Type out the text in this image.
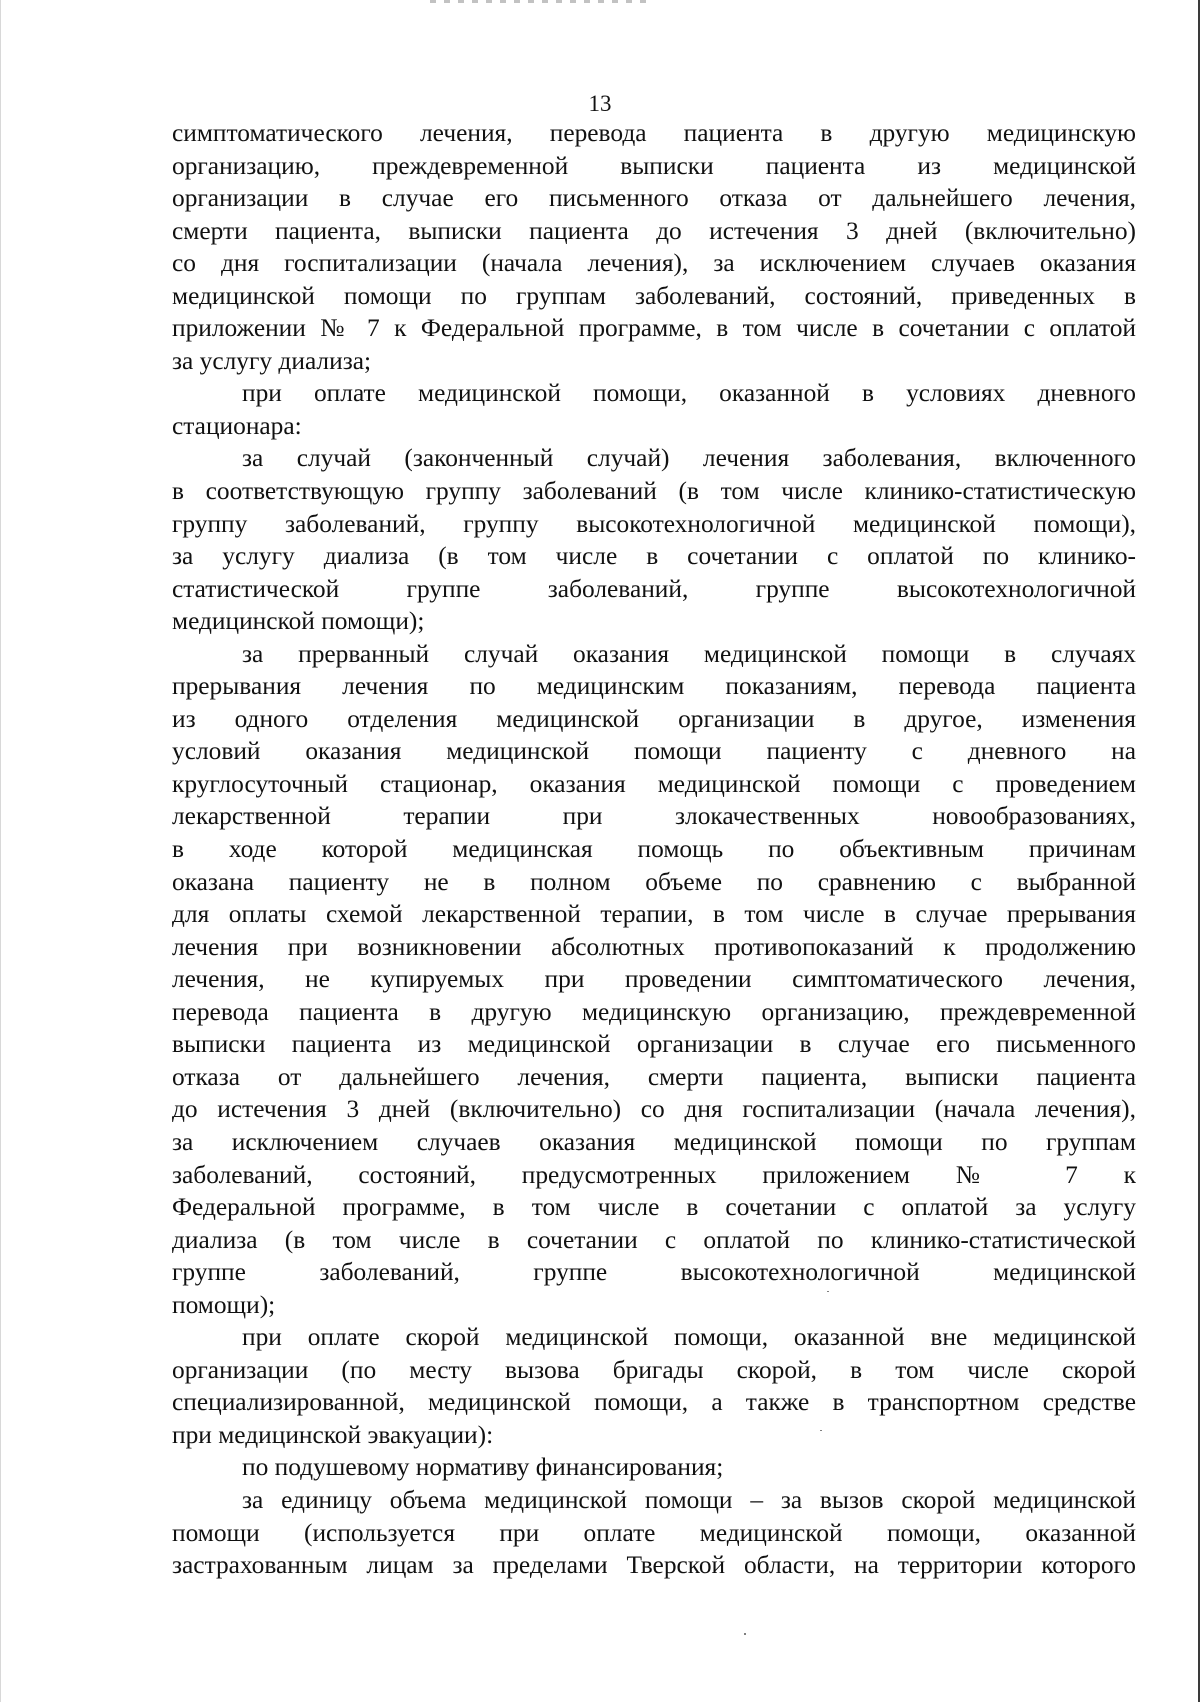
13

симптоматического лечения, перевода пациента в другую медицинскую

организацию, преждевременной выписки пациента из медицинской

организации в случае его письменного отказа от дальнейшего лечения,

смерти пациента, выписки пациента до истечения 3 дней (включительно)

со дня госпитализации (начала лечения), за исключением случаев оказания

медицинской помощи по группам заболеваний, состояний, приведенных в

приложении № 7 к Федеральной программе, в том числе в сочетании с оплатой

за услугу диализа;

при оплате медицинской помощи, оказанной в условиях дневного

стационара:

за случай (законченный случай) лечения заболевания, включенного

в соответствующую группу заболеваний (в том числе клинико-статистическую

группу заболеваний, группу высокотехнологичной медицинской помощи),

за услугу диализа (в том числе в сочетании с оплатой по клинико-

статистической группе заболеваний, группе высокотехнологичной

медицинской помощи);

за прерванный случай оказания медицинской помощи в случаях

прерывания лечения по медицинским показаниям, перевода пациента

из одного отделения медицинской организации в другое, изменения

условий оказания медицинской помощи пациенту с дневного на

круглосуточный стационар, оказания медицинской помощи с проведением

лекарственной терапии при злокачественных новообразованиях,

в ходе которой медицинская помощь по объективным причинам

оказана пациенту не в полном объеме по сравнению с выбранной

для оплаты схемой лекарственной терапии, в том числе в случае прерывания

лечения при возникновении абсолютных противопоказаний к продолжению

лечения, не купируемых при проведении симптоматического лечения,

перевода пациента в другую медицинскую организацию, преждевременной

выписки пациента из медицинской организации в случае его письменного

отказа от дальнейшего лечения, смерти пациента, выписки пациента

до истечения 3 дней (включительно) со дня госпитализации (начала лечения),

за исключением случаев оказания медицинской помощи по группам

заболеваний, состояний, предусмотренных приложением № 7 к

Федеральной программе, в том числе в сочетании с оплатой за услугу

диализа (в том числе в сочетании с оплатой по клинико-статистической

группе заболеваний, группе высокотехнологичной медицинской

помощи);

при оплате скорой медицинской помощи, оказанной вне медицинской

организации (по месту вызова бригады скорой, в том числе скорой

специализированной, медицинской помощи, а также в транспортном средстве

при медицинской эвакуации):

по подушевому нормативу финансирования;

за единицу объема медицинской помощи – за вызов скорой медицинской

помощи (используется при оплате медицинской помощи, оказанной

застрахованным лицам за пределами Тверской области, на территории которого
